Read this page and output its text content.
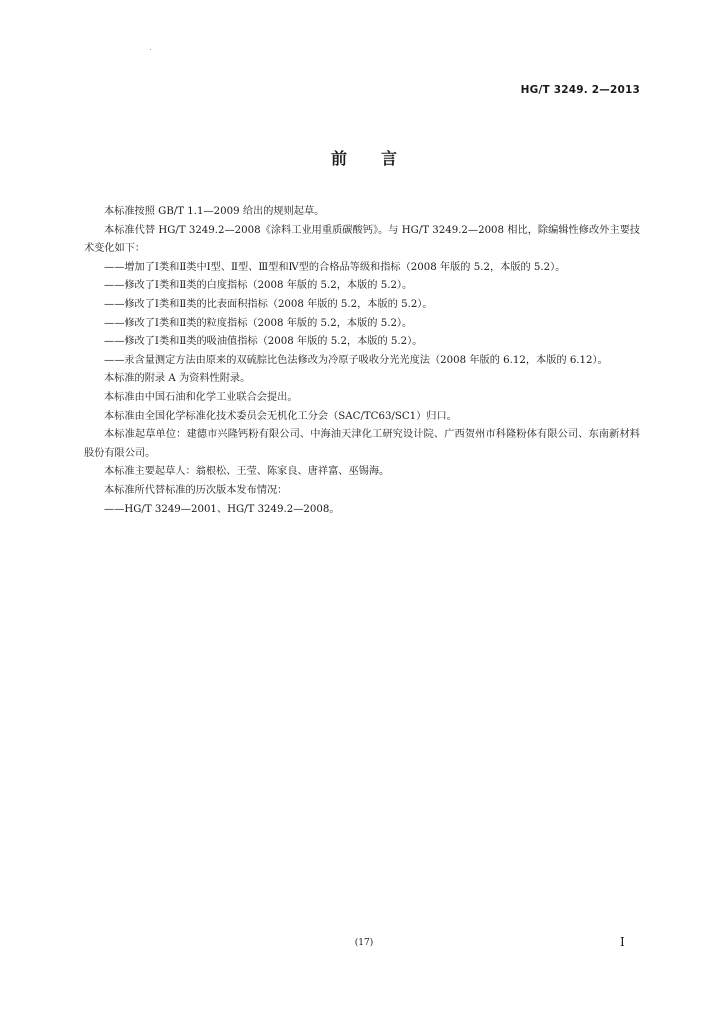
HG/T 3249. 2—2013
前言

本标准按照 GB/T 1.1—2009 给出的规则起草。

本标准代替 HG/T 3249.2—2008《涂料工业用重质碳酸钙》。与 HG/T 3249.2—2008 相比，除编辑性修改外主要技术变化如下：

——增加了Ⅰ类和Ⅱ类中Ⅰ型、Ⅱ型、Ⅲ型和Ⅳ型的合格品等级和指标（2008 年版的 5.2，本版的 5.2）。

——修改了Ⅰ类和Ⅱ类的白度指标（2008 年版的 5.2，本版的 5.2）。

——修改了Ⅰ类和Ⅱ类的比表面积指标（2008 年版的 5.2，本版的 5.2）。

——修改了Ⅰ类和Ⅱ类的粒度指标（2008 年版的 5.2，本版的 5.2）。

——修改了Ⅰ类和Ⅱ类的吸油值指标（2008 年版的 5.2，本版的 5.2）。

——汞含量测定方法由原来的双硫腙比色法修改为冷原子吸收分光光度法（2008 年版的 6.12，本版的 6.12）。

本标准的附录 A 为资料性附录。

本标准由中国石油和化学工业联合会提出。

本标准由全国化学标准化技术委员会无机化工分会（SAC/TC63/SC1）归口。

本标准起草单位：建德市兴隆钙粉有限公司、中海油天津化工研究设计院、广西贺州市科隆粉体有限公司、东南新材料股份有限公司。

本标准主要起草人：翁根松、王莹、陈家良、唐祥富、巫锡海。

本标准所代替标准的历次版本发布情况：

——HG/T 3249—2001、HG/T 3249.2—2008。

(17)	Ⅰ
